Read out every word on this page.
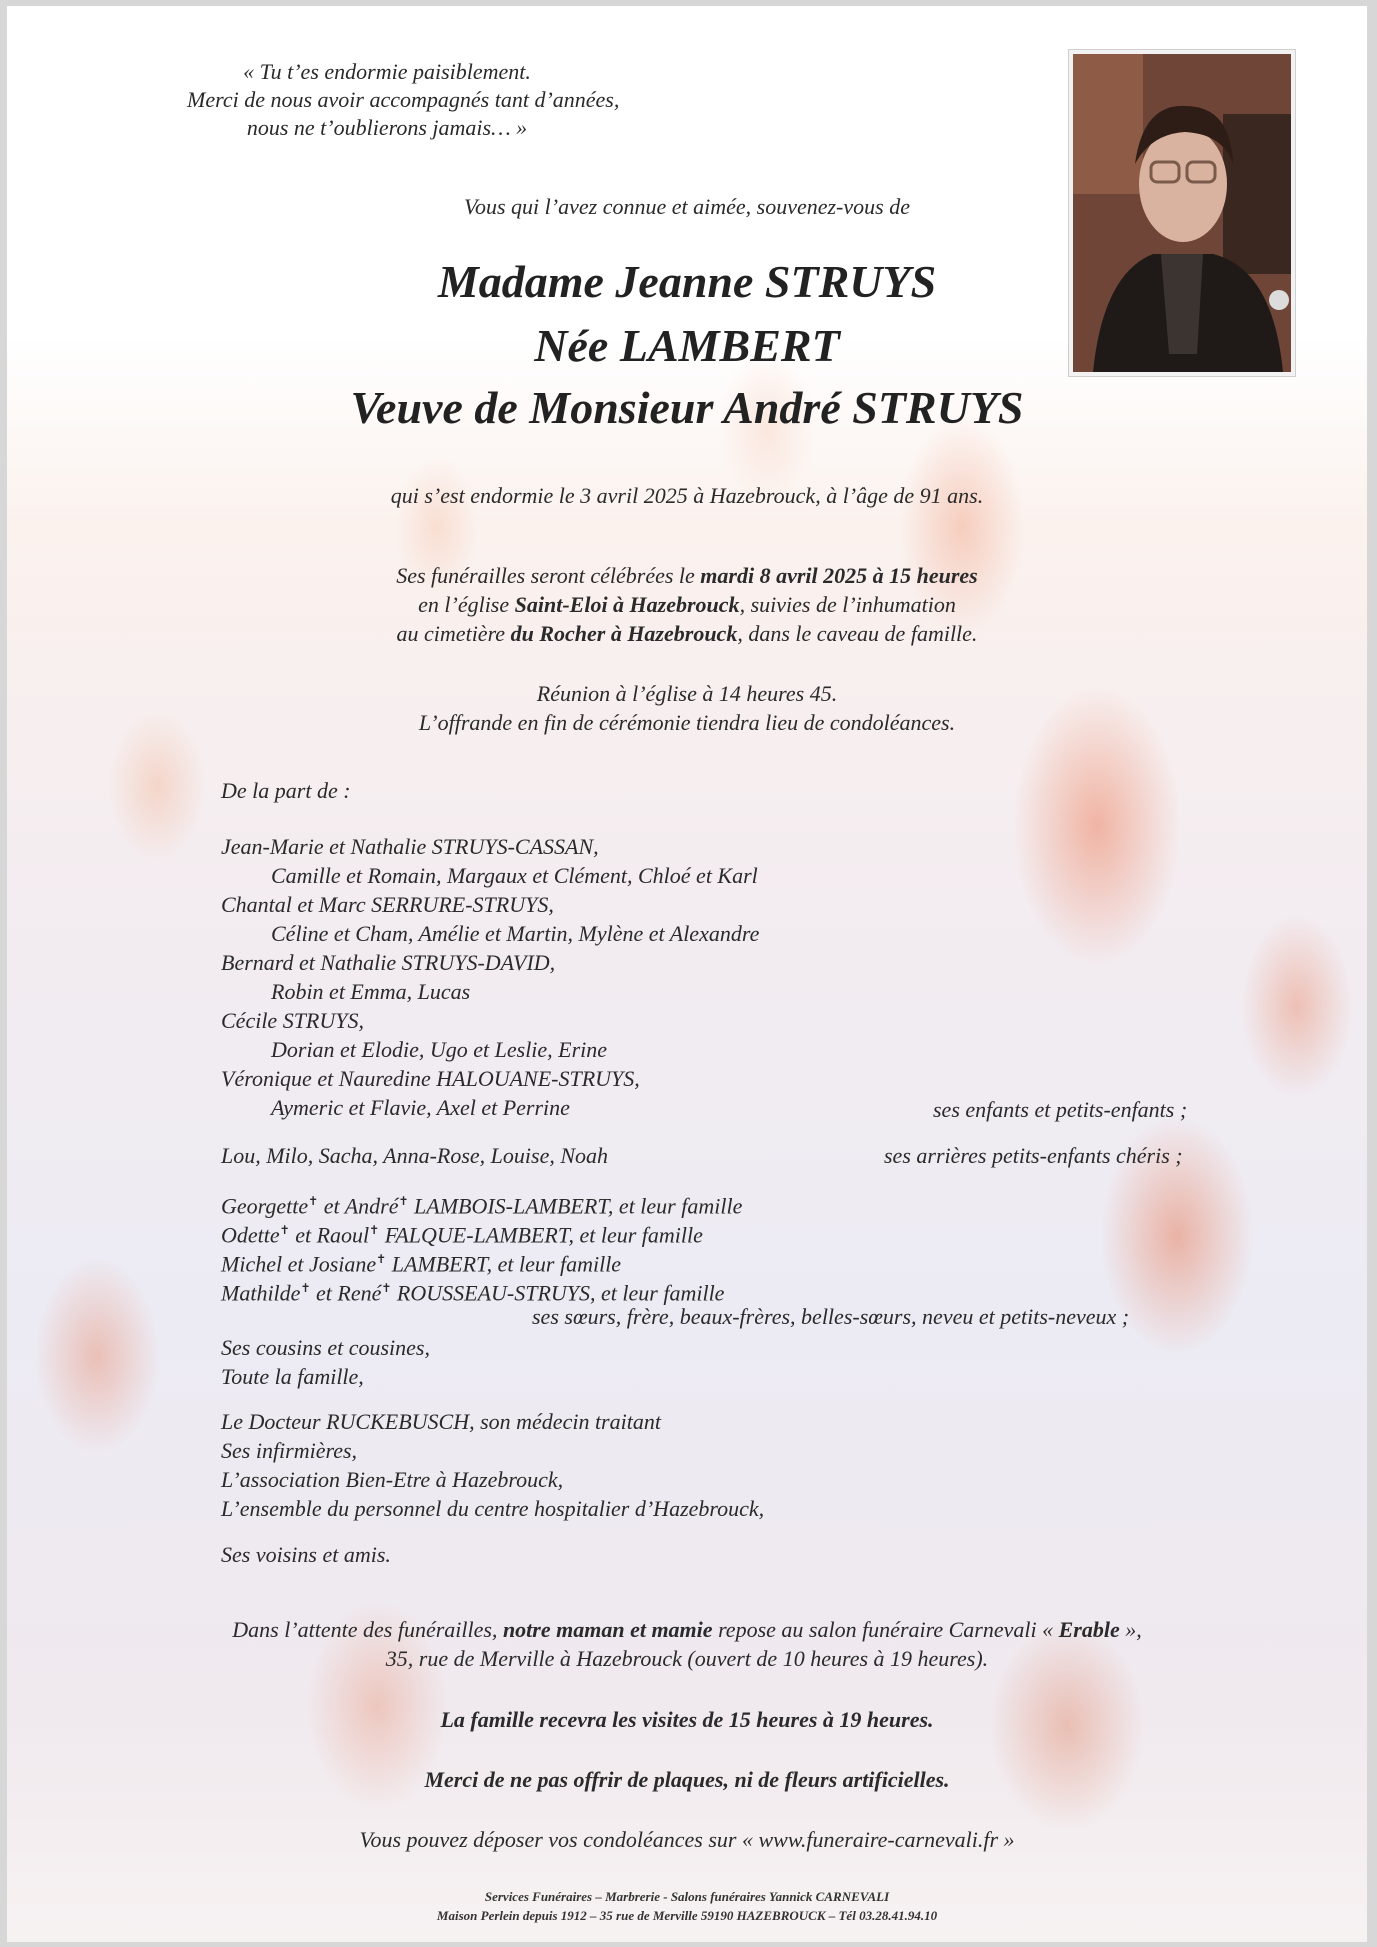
« Tu t’es endormie paisiblement.
Merci de nous avoir accompagnés tant d’années,
nous ne t’oublierons jamais… »
Vous qui l’avez connue et aimée, souvenez-vous de
Madame Jeanne STRUYS
Née LAMBERT
Veuve de Monsieur André STRUYS
qui s’est endormie le 3 avril 2025 à Hazebrouck, à l’âge de 91 ans.
Ses funérailles seront célébrées le mardi 8 avril 2025 à 15 heures
en l’église Saint-Eloi à Hazebrouck, suivies de l’inhumation
au cimetière du Rocher à Hazebrouck, dans le caveau de famille.
Réunion à l’église à 14 heures 45.
L’offrande en fin de cérémonie tiendra lieu de condoléances.
De la part de :
Jean-Marie et Nathalie STRUYS-CASSAN,
Camille et Romain, Margaux et Clément, Chloé et Karl
Chantal et Marc SERRURE-STRUYS,
Céline et Cham, Amélie et Martin, Mylène et Alexandre
Bernard et Nathalie STRUYS-DAVID,
Robin et Emma, Lucas
Cécile STRUYS,
Dorian et Elodie, Ugo et Leslie, Erine
Véronique et Nauredine HALOUANE-STRUYS,
Aymeric et Flavie, Axel et Perrine	ses enfants et petits-enfants ;
Lou, Milo, Sacha, Anna-Rose, Louise, Noah	ses arrières petits-enfants chéris ;
Georgette✝ et André✝ LAMBOIS-LAMBERT, et leur famille
Odette✝ et Raoul✝ FALQUE-LAMBERT, et leur famille
Michel et Josiane✝ LAMBERT, et leur famille
Mathilde✝ et René✝ ROUSSEAU-STRUYS, et leur famille
ses sœurs, frère, beaux-frères, belles-sœurs, neveu et petits-neveux ;
Ses cousins et cousines,
Toute la famille,
Le Docteur RUCKEBUSCH, son médecin traitant
Ses infirmières,
L’association Bien-Etre à Hazebrouck,
L’ensemble du personnel du centre hospitalier d’Hazebrouck,
Ses voisins et amis.
Dans l’attente des funérailles, notre maman et mamie repose au salon funéraire Carnevali « Erable »,
35, rue de Merville à Hazebrouck (ouvert de 10 heures à 19 heures).
La famille recevra les visites de 15 heures à 19 heures.
Merci de ne pas offrir de plaques, ni de fleurs artificielles.
Vous pouvez déposer vos condoléances sur « www.funeraire-carnevali.fr »
Services Funéraires – Marbrerie - Salons funéraires Yannick CARNEVALI
Maison Perlein depuis 1912 – 35 rue de Merville 59190 HAZEBROUCK – Tél 03.28.41.94.10
